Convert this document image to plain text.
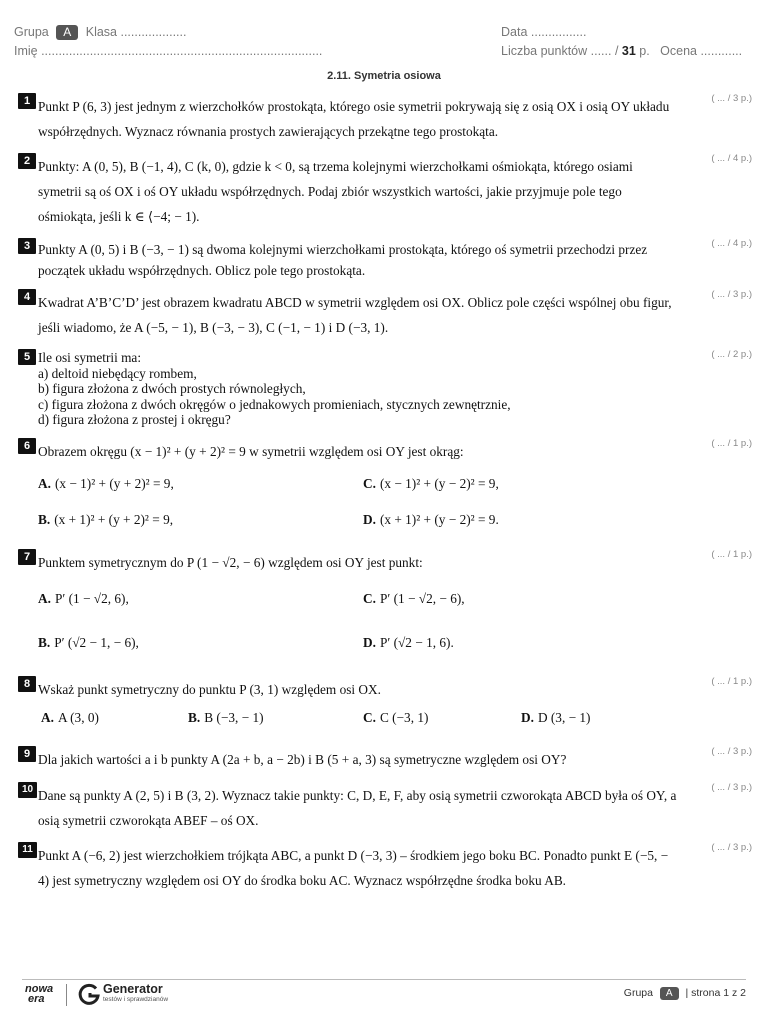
Grupa A Klasa ...................
Imię .................................................................................
Data ................
Liczba punktów ...... / 31 p. Ocena ............
2.11. Symetria osiowa
1 Punkt P (6, 3) jest jednym z wierzchołków prostokąta, którego osie symetrii pokrywają się z osią OX i osią OY układu współrzędnych. Wyznacz równania prostych zawierających przekątne tego prostokąta.
( ... / 3 p.)
2 Punkty: A (0, 5), B (−1, 4), C (k, 0), gdzie k < 0, są trzema kolejnymi wierzchołkami ośmiokąta, którego osiami symetrii są oś OX i oś OY układu współrzędnych. Podaj zbiór wszystkich wartości, jakie przyjmuje pole tego ośmiokąta, jeśli k ∈ ⟨−4; − 1).
( ... / 4 p.)
3 Punkty A (0, 5) i B (−3, − 1) są dwoma kolejnymi wierzchołkami prostokąta, którego oś symetrii przechodzi przez początek układu współrzędnych. Oblicz pole tego prostokąta.
( ... / 4 p.)
4 Kwadrat A’B’C’D’ jest obrazem kwadratu ABCD w symetrii względem osi OX. Oblicz pole części wspólnej obu figur, jeśli wiadomo, że A (−5, − 1), B (−3, − 3), C (−1, − 1) i D (−3, 1).
( ... / 3 p.)
5 Ile osi symetrii ma:
a) deltoid niebędący rombem,
b) figura złożona z dwóch prostych równoległych,
c) figura złożona z dwóch okręgów o jednakowych promieniach, stycznych zewnętrznie,
d) figura złożona z prostej i okręgu?
( ... / 2 p.)
6 Obrazem okręgu (x − 1)² + (y + 2)² = 9 w symetrii względem osi OY jest okrąg:
( ... / 1 p.)
A. (x − 1)² + (y + 2)² = 9,	C. (x − 1)² + (y − 2)² = 9,
B. (x + 1)² + (y + 2)² = 9,	D. (x + 1)² + (y − 2)² = 9.
7 Punktem symetrycznym do P (1 − √2, − 6) względem osi OY jest punkt:
( ... / 1 p.)
A. P′ (1 − √2, 6),	C. P′ (1 − √2, − 6),
B. P′ (√2 − 1, − 6),	D. P′ (√2 − 1, 6).
8 Wskaż punkt symetryczny do punktu P (3, 1) względem osi OX.
( ... / 1 p.)
A. A (3, 0)	B. B (−3, − 1)	C. C (−3, 1)	D. D (3, − 1)
9 Dla jakich wartości a i b punkty A (2a + b, a − 2b) i B (5 + a, 3) są symetryczne względem osi OY?
( ... / 3 p.)
10 Dane są punkty A (2, 5) i B (3, 2). Wyznacz takie punkty: C, D, E, F, aby osią symetrii czworokąta ABCD była oś OY, a osią symetrii czworokąta ABEF – oś OX.
( ... / 3 p.)
11 Punkt A (−6, 2) jest wierzchołkiem trójkąta ABC, a punkt D (−3, 3) – środkiem jego boku BC. Ponadto punkt E (−5, − 4) jest symetryczny względem osi OY do środka boku AC. Wyznacz współrzędne środka boku AB.
( ... / 3 p.)
nowa
era
Generator
testów i sprawdzianów
Grupa A | strona 1 z 2
